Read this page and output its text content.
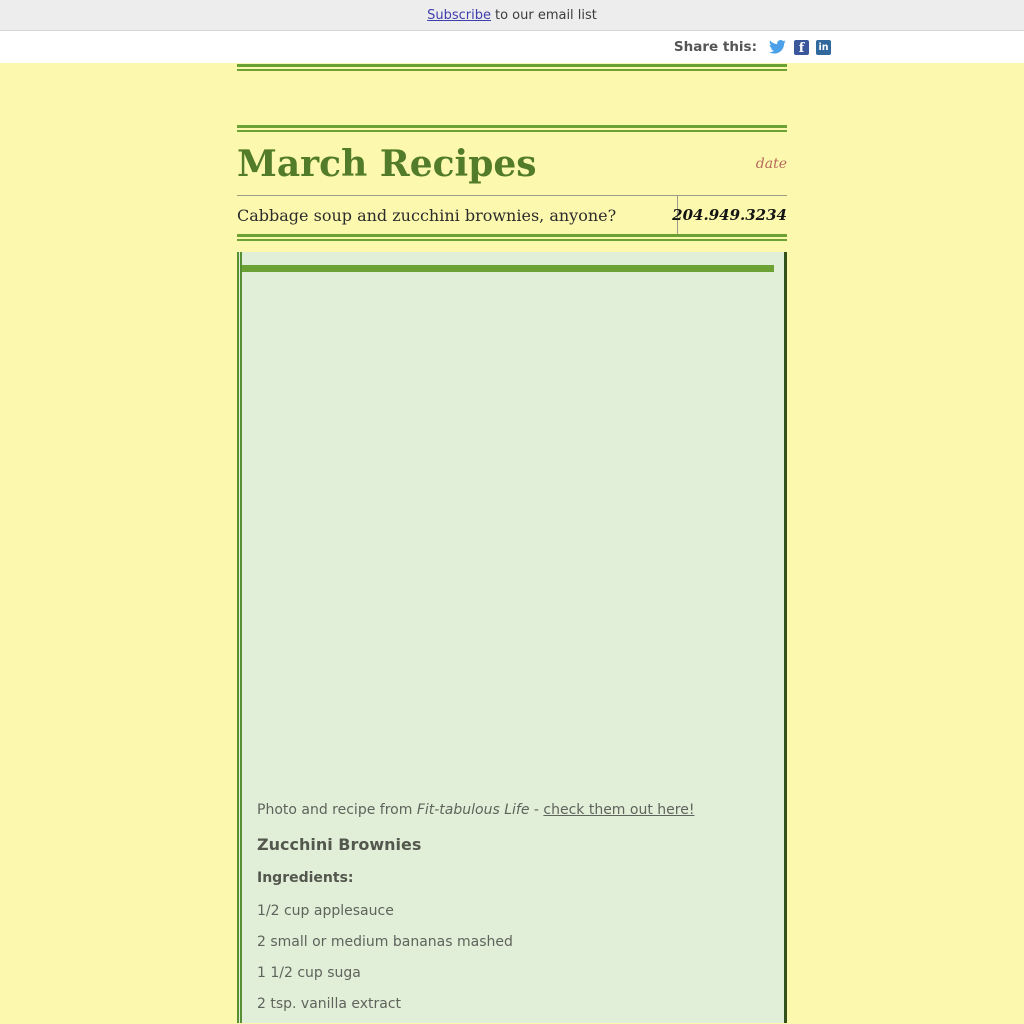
Subscribe to our email list
Share this:	f	in
March Recipes	date
Cabbage soup and zucchini brownies, anyone?	204.949.3234

Photo and recipe from Fit-tabulous Life - check them out here!

Zucchini Brownies

Ingredients:

1/2 cup applesauce

2 small or medium bananas mashed

1 1/2 cup suga

2 tsp. vanilla extract
